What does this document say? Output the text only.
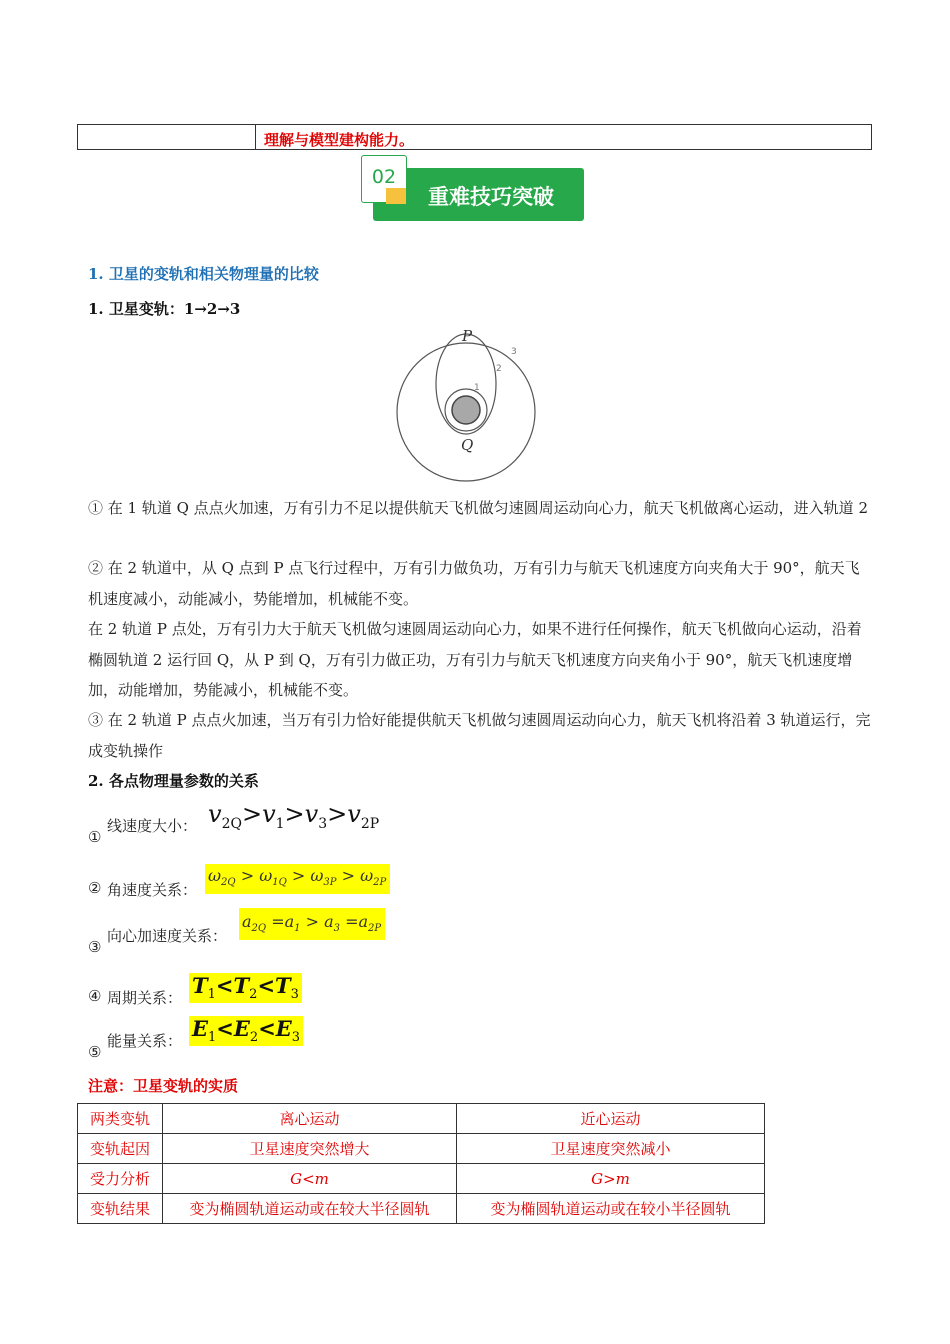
理解与模型建构能力。
重难技巧突破
02
1. 卫星的变轨和相关物理量的比较
1. 卫星变轨：1→2→3
P
Q
1
2
3
① 在 1 轨道 Q 点点火加速，万有引力不足以提供航天飞机做匀速圆周运动向心力，航天飞机做离心运动，进入轨道 2
② 在 2 轨道中，从 Q 点到 P 点飞行过程中，万有引力做负功，万有引力与航天飞机速度方向夹角大于 90°，航天飞机速度减小，动能减小，势能增加，机械能不变。
在 2 轨道 P 点处，万有引力大于航天飞机做匀速圆周运动向心力，如果不进行任何操作，航天飞机做向心运动，沿着椭圆轨道 2 运行回 Q，从 P 到 Q，万有引力做正功，万有引力与航天飞机速度方向夹角小于 90°，航天飞机速度增加，动能增加，势能减小，机械能不变。
③ 在 2 轨道 P 点点火加速，当万有引力恰好能提供航天飞机做匀速圆周运动向心力，航天飞机将沿着 3 轨道运行，完成变轨操作
2. 各点物理量参数的关系
①
线速度大小： $v_{2Q}>v_1>v_3>v_{2P}$
② 角速度关系：
$\omega_{2Q} > \omega_{1Q} > \omega_{3P} > \omega_{2P}$
③
向心加速度关系：
$a_{2Q} =a_1 > a_3 =a_{2P}$
④ 周期关系： $T_1<T_2<T_3$
⑤
能量关系： $E_1<E_2<E_3$
注意：卫星变轨的实质
两类变轨	离心运动	近心运动
变轨起因	卫星速度突然增大	卫星速度突然减小
受力分析	G<m	G>m
变轨结果	变为椭圆轨道运动或在较大半径圆轨	变为椭圆轨道运动或在较小半径圆轨
